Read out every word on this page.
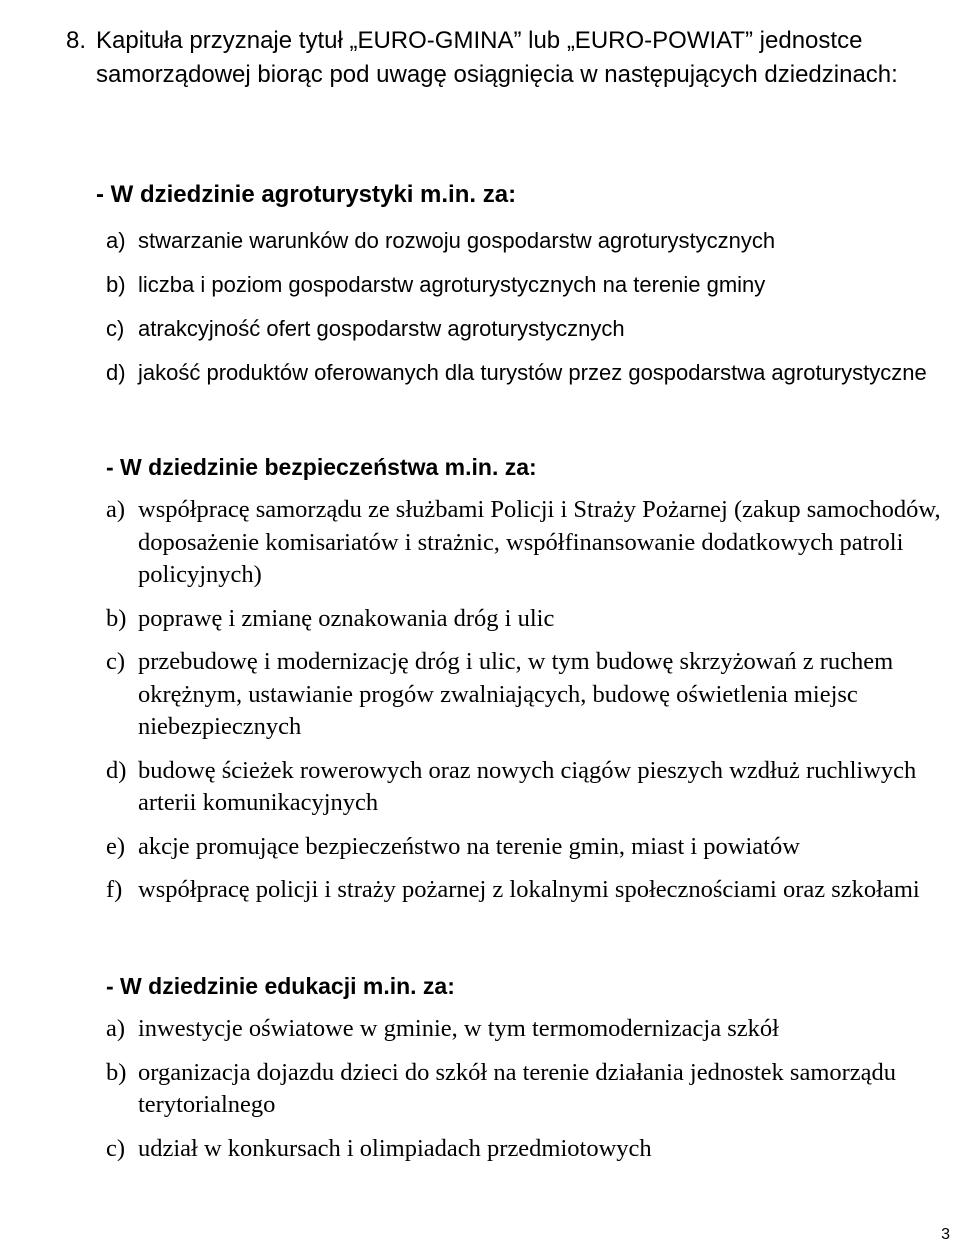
8. Kapituła przyznaje tytuł „EURO-GMINA” lub „EURO-POWIAT” jednostce samorządowej biorąc pod uwagę osiągnięcia w następujących dziedzinach:
- W dziedzinie agroturystyki m.in. za:
a) stwarzanie warunków do rozwoju gospodarstw agroturystycznych
b) liczba i poziom gospodarstw agroturystycznych na terenie gminy
c) atrakcyjność ofert gospodarstw agroturystycznych
d) jakość produktów oferowanych dla turystów przez gospodarstwa agroturystyczne
- W dziedzinie bezpieczeństwa m.in. za:
a) współpracę samorządu ze służbami Policji i Straży Pożarnej (zakup samochodów, doposażenie komisariatów i strażnic, współfinansowanie dodatkowych patroli policyjnych)
b) poprawę i zmianę oznakowania dróg i ulic
c) przebudowę i modernizację dróg i ulic, w tym budowę skrzyżowań z ruchem okrężnym, ustawianie progów zwalniających, budowę oświetlenia miejsc niebezpiecznych
d) budowę ścieżek rowerowych oraz nowych ciągów pieszych wzdłuż ruchliwych arterii komunikacyjnych
e) akcje promujące bezpieczeństwo na terenie gmin, miast i powiatów
f) współpracę policji i straży pożarnej z lokalnymi społecznościami oraz szkołami
- W dziedzinie edukacji m.in. za:
a) inwestycje oświatowe w gminie, w tym termomodernizacja szkół
b) organizacja dojazdu dzieci do szkół na terenie działania jednostek samorządu terytorialnego
c) udział w konkursach i olimpiadach przedmiotowych
3
